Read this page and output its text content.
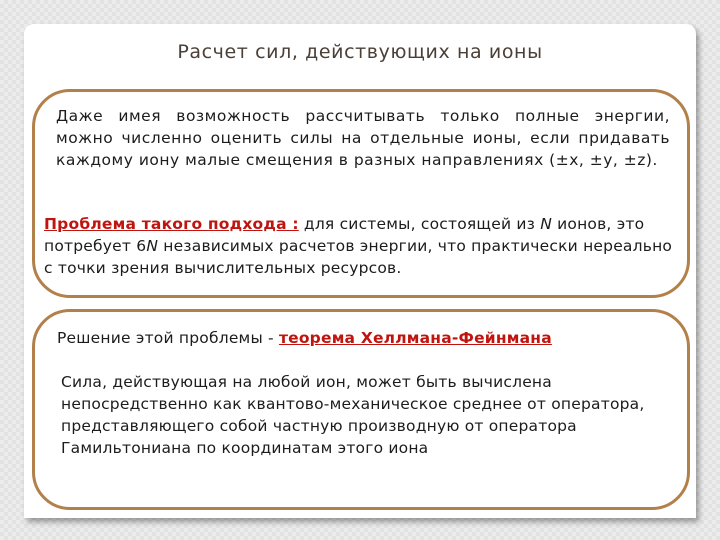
Расчет сил, действующих на ионы
Даже имея возможность рассчитывать только полные энергии, можно численно оценить силы на отдельные ионы, если придавать каждому иону малые смещения в разных направлениях (±x, ±y, ±z).
Проблема такого подхода : для системы, состоящей из N ионов, это потребует 6N независимых расчетов энергии, что практически нереально с точки зрения вычислительных ресурсов.
Решение этой проблемы - теорема Хеллмана-Фейнмана
Сила, действующая на любой ион, может быть вычислена непосредственно как квантово-механическое среднее от оператора, представляющего собой частную производную от оператора Гамильтониана по координатам этого иона
